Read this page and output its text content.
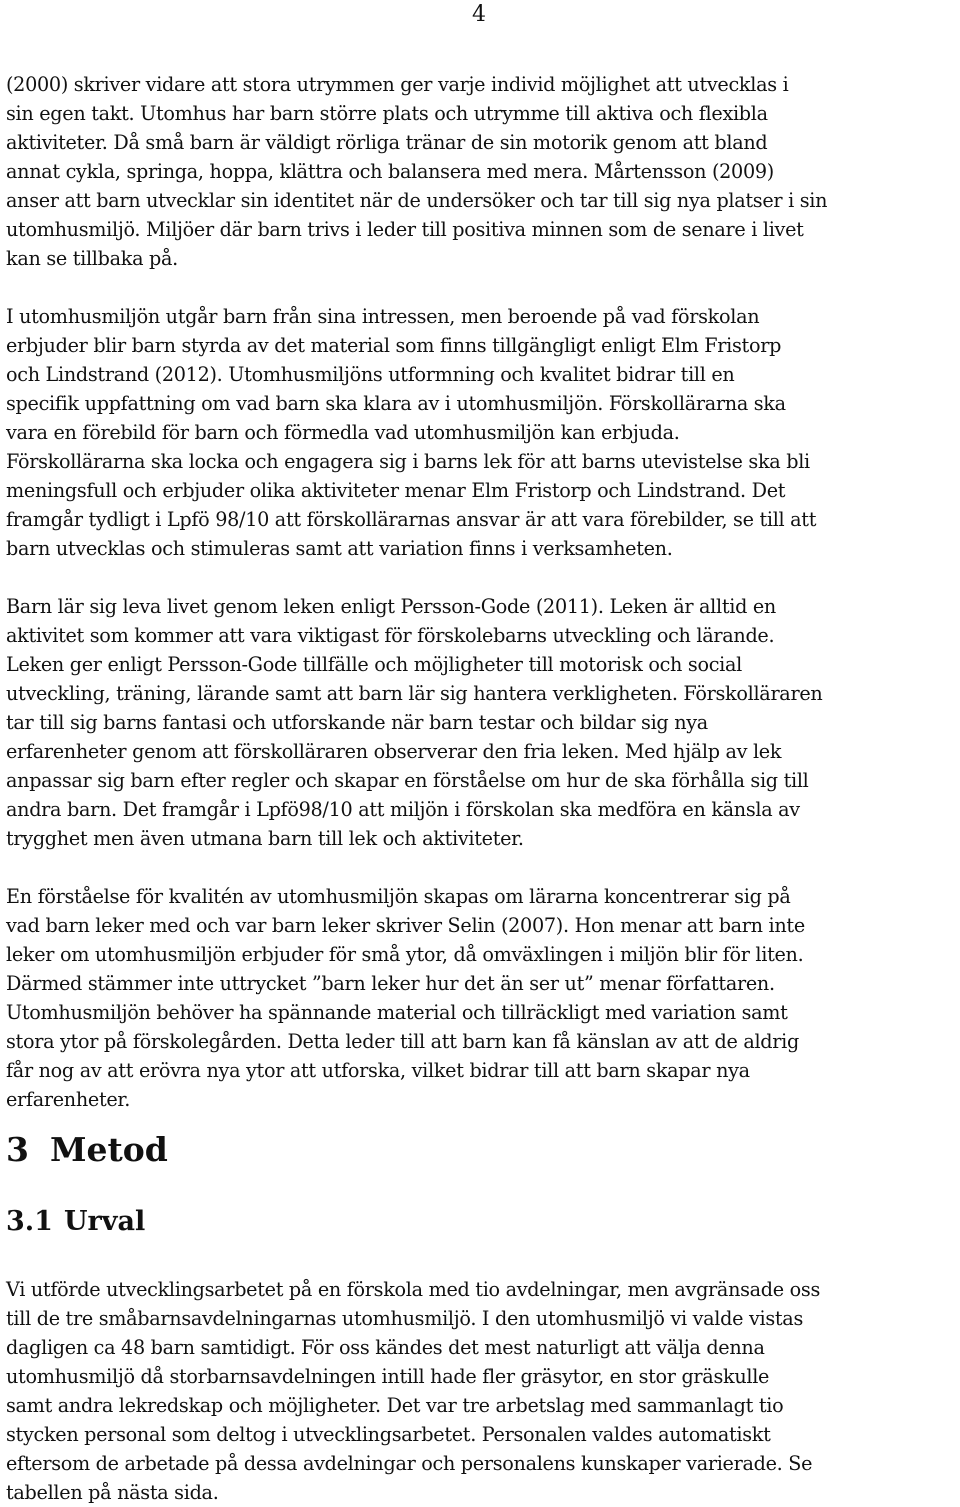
4

(2000) skriver vidare att stora utrymmen ger varje individ möjlighet att utvecklas i
sin egen takt. Utomhus har barn större plats och utrymme till aktiva och flexibla
aktiviteter. Då små barn är väldigt rörliga tränar de sin motorik genom att bland
annat cykla, springa, hoppa, klättra och balansera med mera. Mårtensson (2009)
anser att barn utvecklar sin identitet när de undersöker och tar till sig nya platser i sin
utomhusmiljö. Miljöer där barn trivs i leder till positiva minnen som de senare i livet
kan se tillbaka på.

I utomhusmiljön utgår barn från sina intressen, men beroende på vad förskolan
erbjuder blir barn styrda av det material som finns tillgängligt enligt Elm Fristorp
och Lindstrand (2012). Utomhusmiljöns utformning och kvalitet bidrar till en
specifik uppfattning om vad barn ska klara av i utomhusmiljön. Förskollärarna ska
vara en förebild för barn och förmedla vad utomhusmiljön kan erbjuda.
Förskollärarna ska locka och engagera sig i barns lek för att barns utevistelse ska bli
meningsfull och erbjuder olika aktiviteter menar Elm Fristorp och Lindstrand. Det
framgår tydligt i Lpfö 98/10 att förskollärarnas ansvar är att vara förebilder, se till att
barn utvecklas och stimuleras samt att variation finns i verksamheten.

Barn lär sig leva livet genom leken enligt Persson-Gode (2011). Leken är alltid en
aktivitet som kommer att vara viktigast för förskolebarns utveckling och lärande.
Leken ger enligt Persson-Gode tillfälle och möjligheter till motorisk och social
utveckling, träning, lärande samt att barn lär sig hantera verkligheten. Förskolläraren
tar till sig barns fantasi och utforskande när barn testar och bildar sig nya
erfarenheter genom att förskolläraren observerar den fria leken. Med hjälp av lek
anpassar sig barn efter regler och skapar en förståelse om hur de ska förhålla sig till
andra barn. Det framgår i Lpfö98/10 att miljön i förskolan ska medföra en känsla av
trygghet men även utmana barn till lek och aktiviteter.

En förståelse för kvalitén av utomhusmiljön skapas om lärarna koncentrerar sig på
vad barn leker med och var barn leker skriver Selin (2007). Hon menar att barn inte
leker om utomhusmiljön erbjuder för små ytor, då omväxlingen i miljön blir för liten.
Därmed stämmer inte uttrycket ”barn leker hur det än ser ut” menar författaren.
Utomhusmiljön behöver ha spännande material och tillräckligt med variation samt
stora ytor på förskolegården. Detta leder till att barn kan få känslan av att de aldrig
får nog av att erövra nya ytor att utforska, vilket bidrar till att barn skapar nya
erfarenheter.

3 Metod
3.1 Urval

Vi utförde utvecklingsarbetet på en förskola med tio avdelningar, men avgränsade oss
till de tre småbarnsavdelningarnas utomhusmiljö. I den utomhusmiljö vi valde vistas
dagligen ca 48 barn samtidigt. För oss kändes det mest naturligt att välja denna
utomhusmiljö då storbarnsavdelningen intill hade fler gräsytor, en stor gräskulle
samt andra lekredskap och möjligheter. Det var tre arbetslag med sammanlagt tio
stycken personal som deltog i utvecklingsarbetet. Personalen valdes automatiskt
eftersom de arbetade på dessa avdelningar och personalens kunskaper varierade. Se
tabellen på nästa sida.
